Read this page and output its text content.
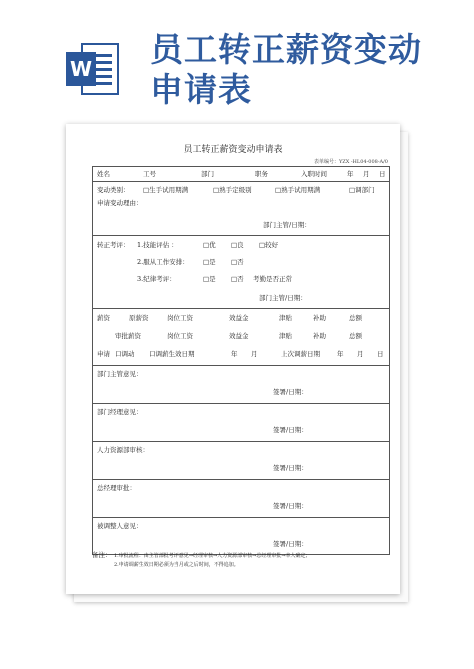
W 员工转正薪资变动
申请表
员工转正薪资变动申请表
表单编号：YZX -HL04-008-A/0
姓名	工号	部门	职务	入职时间	年 月 日
变动类别： □生手试用期满	□熟手定级别	□熟手试用期满	□调部门
申请变动理由：
部门主管/日期：
转正考评： 1.技能评估 ：	□优 □良 □较好
2.服从工作安排： □是 □否
3.纪律考评：	□是 □否 考勤是否正常
部门主管/日期：
薪资	原薪资	岗位工资	效益金	津贴	补助	总额
审批薪资	岗位工资	效益金	津贴	补助	总额
申请 口调动 口调薪生效日期	年 月	上次调薪日期	年 月 日
部门主管意见：
签署/日期：
部门经理意见：
签署/日期：
人力资源部审核：
签署/日期：
总经理审批：
签署/日期：
被调整人意见：
签署/日期：
备注： 1.审批流程：由主管部批考评意见→经理审核→人力资源部审核→总经理审批→本人确定；
2.申请调薪生效日期必须为当月或之后时间，不得追加。
